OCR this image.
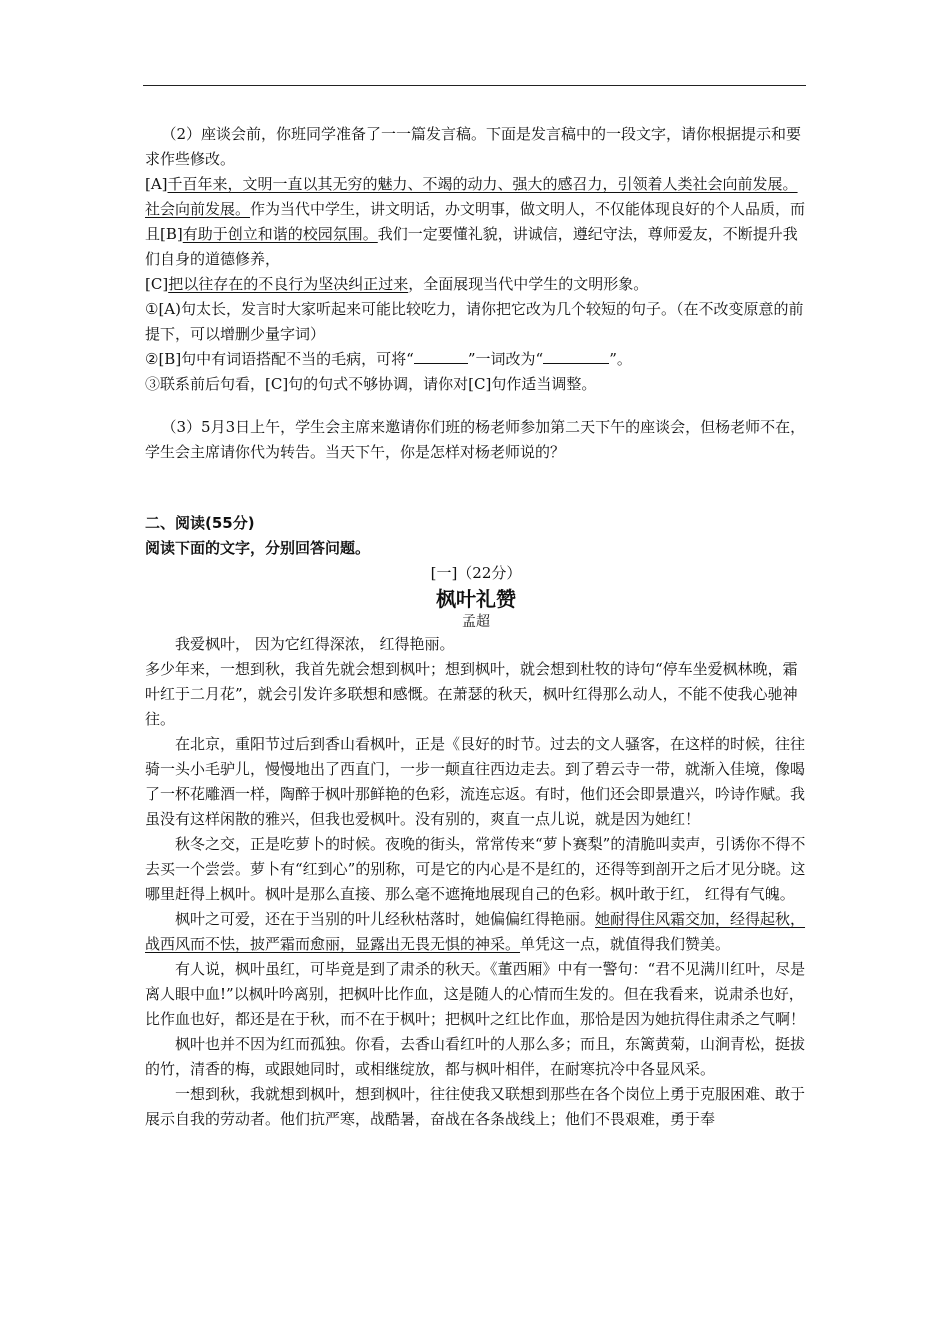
（2）座谈会前，你班同学准备了一一篇发言稿。下面是发言稿中的一段文字，请你根据提示和要求作些修改。

[A]千百年来，文明一直以其无穷的魅力、不竭的动力、强大的感召力，引领着人类社会向前发展。社会向前发展。作为当代中学生，讲文明话，办文明事，做文明人，不仅能体现良好的个人品质，而且[B]有助于创立和谐的校园氛围。我们一定要懂礼貌，讲诚信，遵纪守法，尊师爱友，不断提升我们自身的道德修养，

[C]把以往存在的不良行为坚决纠正过来，全面展现当代中学生的文明形象。

①[A)句太长，发言时大家听起来可能比较吃力，请你把它改为几个较短的句子。（在不改变原意的前提下，可以增删少量字词）

②[B]句中有词语搭配不当的毛病，可将“	”一词改为“	”。

③联系前后句看，[C]句的句式不够协调，请你对[C]句作适当调整。

（3）5月3日上午，学生会主席来邀请你们班的杨老师参加第二天下午的座谈会，但杨老师不在，学生会主席请你代为转告。当天下午，你是怎样对杨老师说的？

二、阅读(55分)

阅读下面的文字，分别回答问题。

[一]（22分）

枫叶礼赞

孟超

我爱枫叶， 因为它红得深浓， 红得艳丽。

多少年来，一想到秋，我首先就会想到枫叶；想到枫叶，就会想到杜牧的诗句“停车坐爱枫林晚，霜叶红于二月花”，就会引发许多联想和感慨。在萧瑟的秋天，枫叶红得那么动人，不能不使我心驰神往。

在北京，重阳节过后到香山看枫叶，正是《艮好的时节。过去的文人骚客，在这样的时候，往往骑一头小毛驴儿，慢慢地出了西直门，一步一颠直往西边走去。到了碧云寺一带，就渐入佳境，像喝了一杯花雕酒一样，陶醉于枫叶那鲜艳的色彩，流连忘返。有时，他们还会即景遣兴，吟诗作赋。我虽没有这样闲散的雅兴，但我也爱枫叶。没有别的，爽直一点儿说，就是因为她红！

秋冬之交，正是吃萝卜的时候。夜晚的街头，常常传来“萝卜赛梨”的清脆叫卖声，引诱你不得不去买一个尝尝。萝卜有“红到心”的别称，可是它的内心是不是红的，还得等到剖开之后才见分晓。这哪里赶得上枫叶。枫叶是那么直接、那么毫不遮掩地展现自己的色彩。枫叶敢于红， 红得有气魄。

枫叶之可爱，还在于当别的叶儿经秋枯落时，她偏偏红得艳丽。她耐得住风霜交加，经得起秋，战西风而不怯，披严霜而愈丽，显露出无畏无惧的神采。单凭这一点，就值得我们赞美。

有人说，枫叶虽红，可毕竟是到了肃杀的秋天。《董西厢》中有一警句：“君不见满川红叶，尽是离人眼中血!”以枫叶吟离别，把枫叶比作血，这是随人的心情而生发的。但在我看来，说肃杀也好，比作血也好，都还是在于秋，而不在于枫叶；把枫叶之红比作血，那恰是因为她抗得住肃杀之气啊！

枫叶也并不因为红而孤独。你看，去香山看红叶的人那么多；而且，东篱黄菊，山涧青松，挺拔的竹，清香的梅，或跟她同时，或相继绽放，都与枫叶相伴，在耐寒抗冷中各显风采。

一想到秋，我就想到枫叶，想到枫叶，往往使我又联想到那些在各个岗位上勇于克服困难、敢于展示自我的劳动者。他们抗严寒，战酷暑，奋战在各条战线上；他们不畏艰难，勇于奉
